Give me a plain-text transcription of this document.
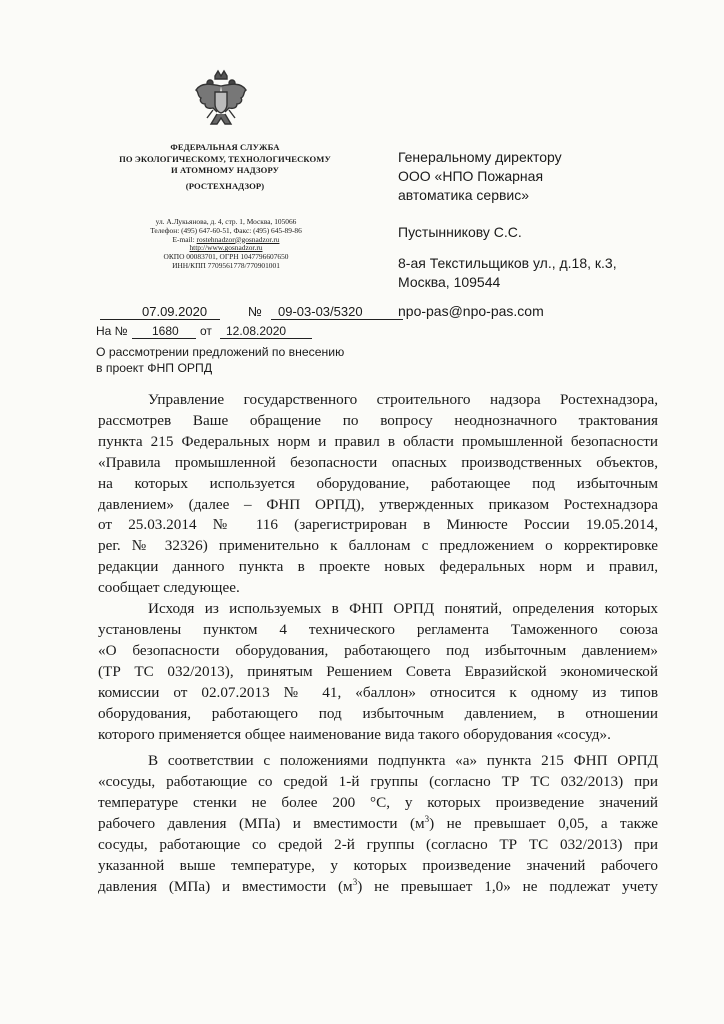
ФЕДЕРАЛЬНАЯ СЛУЖБА
ПО ЭКОЛОГИЧЕСКОМУ, ТЕХНОЛОГИЧЕСКОМУ
И АТОМНОМУ НАДЗОРУ
(РОСТЕХНАДЗОР)
ул. А.Лукьянова, д. 4, стр. 1, Москва, 105066
Телефон: (495) 647-60-51, Факс: (495) 645-89-86
E-mail: rostehnadzor@gosnadzor.ru
http://www.gosnadzor.ru
ОКПО 00083701, ОГРН 1047796607650
ИНН/КПП 7709561778/770901001
Генеральному директору
ООО «НПО Пожарная
автоматика сервис»
Пустынникову С.С.
8-ая Текстильщиков ул., д.18, к.3,
Москва, 109544
npo-pas@npo-pas.com
07.09.2020	№ 09-03-03/5320
На № 1680 от 12.08.2020
О рассмотрении предложений по внесению
в проект ФНП ОРПД
Управление государственного строительного надзора Ростехнадзора,
рассмотрев Ваше обращение по вопросу неоднозначного трактования
пункта 215 Федеральных норм и правил в области промышленной безопасности
«Правила промышленной безопасности опасных производственных объектов,
на которых используется оборудование, работающее под избыточным
давлением» (далее – ФНП ОРПД), утвержденных приказом Ростехнадзора
от 25.03.2014 № 116 (зарегистрирован в Минюсте России 19.05.2014,
рег. № 32326) применительно к баллонам с предложением о корректировке
редакции данного пункта в проекте новых федеральных норм и правил,
сообщает следующее.
Исходя из используемых в ФНП ОРПД понятий, определения которых
установлены пунктом 4 технического регламента Таможенного союза
«О безопасности оборудования, работающего под избыточным давлением»
(ТР ТС 032/2013), принятым Решением Совета Евразийской экономической
комиссии от 02.07.2013 № 41, «баллон» относится к одному из типов
оборудования, работающего под избыточным давлением, в отношении
которого применяется общее наименование вида такого оборудования «сосуд».
В соответствии с положениями подпункта «а» пункта 215 ФНП ОРПД
«сосуды, работающие со средой 1-й группы (согласно ТР ТС 032/2013) при
температуре стенки не более 200 °С, у которых произведение значений
рабочего давления (МПа) и вместимости $(м^3)$ не превышает 0,05, а также
сосуды, работающие со средой 2-й группы (согласно ТР ТС 032/2013) при
указанной выше температуре, у которых произведение значений рабочего
давления (МПа) и вместимости $(м^3)$ не превышает 1,0» не подлежат учету
